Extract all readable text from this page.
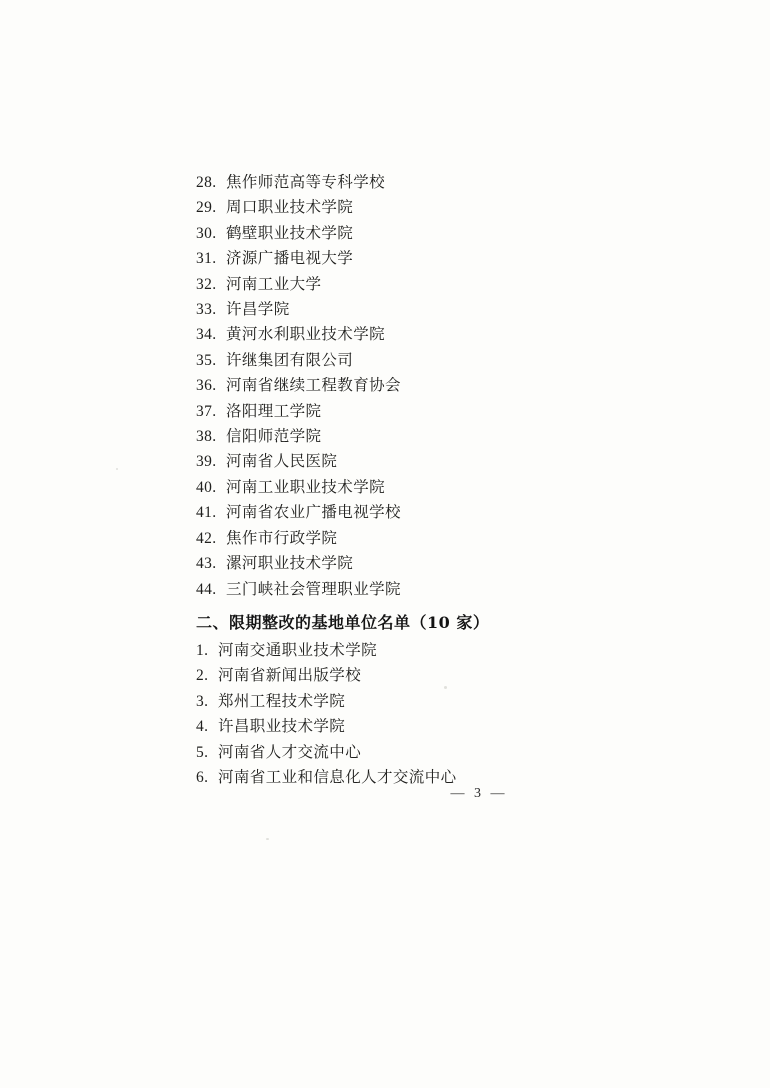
28. 焦作师范高等专科学校
29. 周口职业技术学院
30. 鹤壁职业技术学院
31. 济源广播电视大学
32. 河南工业大学
33. 许昌学院
34. 黄河水利职业技术学院
35. 许继集团有限公司
36. 河南省继续工程教育协会
37. 洛阳理工学院
38. 信阳师范学院
39. 河南省人民医院
40. 河南工业职业技术学院
41. 河南省农业广播电视学校
42. 焦作市行政学院
43. 漯河职业技术学院
44. 三门峡社会管理职业学院
二、限期整改的基地单位名单（10 家）
1. 河南交通职业技术学院
2. 河南省新闻出版学校
3. 郑州工程技术学院
4. 许昌职业技术学院
5. 河南省人才交流中心
6. 河南省工业和信息化人才交流中心
— 3 —
